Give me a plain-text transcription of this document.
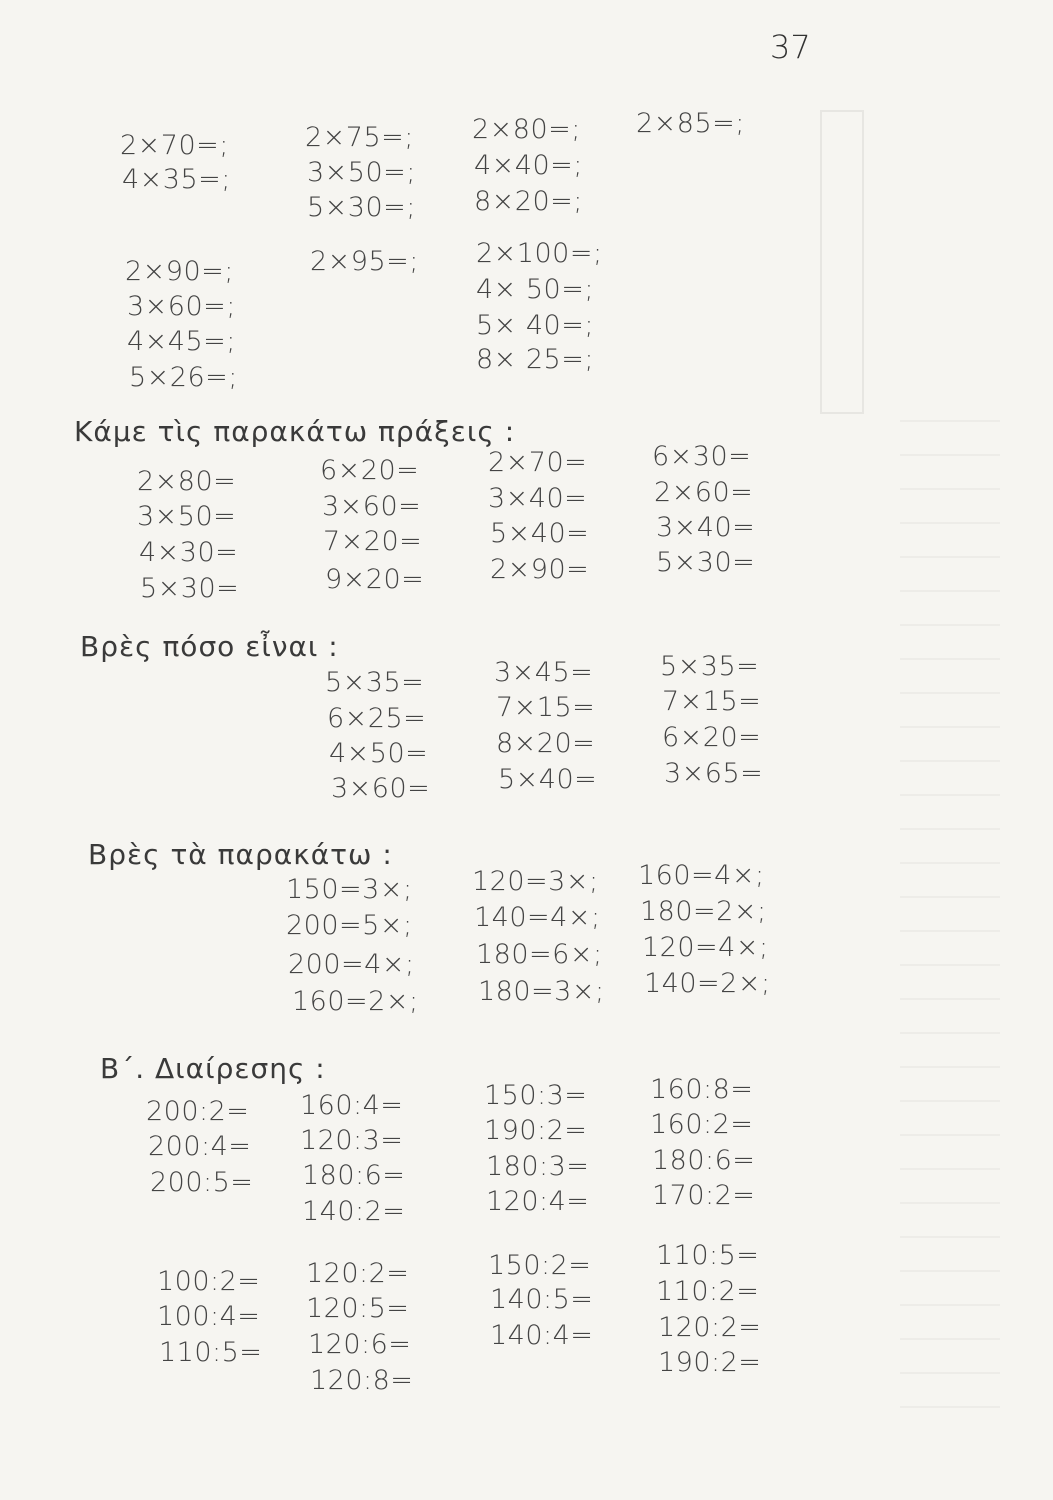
37
2×70=;
4×35=;
2×75=;
3×50=;
5×30=;
2×80=;
4×40=;
8×20=;
2×85=;
2×90=;
3×60=;
4×45=;
5×26=;
2×95=; 2×100=;
4× 50=;
5× 40=;
8× 25=;
Κάμε τὶς παρακάτω πράξεις :
2×80=
3×50=
4×30=
5×30=
6×20=
3×60=
7×20=
9×20=
2×70=
3×40=
5×40=
2×90=
6×30=
2×60=
3×40=
5×30=
Βρὲς πόσο εἶναι :
5×35=
6×25=
4×50=
3×60=
3×45=
7×15=
8×20=
5×40=
5×35=
7×15=
6×20=
3×65=
Βρὲς τὰ παρακάτω :
150=3×;
200=5×;
200=4×;
160=2×;
120=3×;
140=4×;
180=6×;
180=3×;
160=4×;
180=2×;
120=4×;
140=2×;
Β΄. Διαίρεσης :
200:2=
200:4=
200:5=
160:4=
120:3=
180:6=
140:2=
150:3=
190:2=
180:3=
120:4=
160:8=
160:2=
180:6=
170:2=
100:2=
100:4=
110:5=
120:2=
120:5=
120:6=
120:8=
150:2=
140:5=
140:4=
110:5=
110:2=
120:2=
190:2=
